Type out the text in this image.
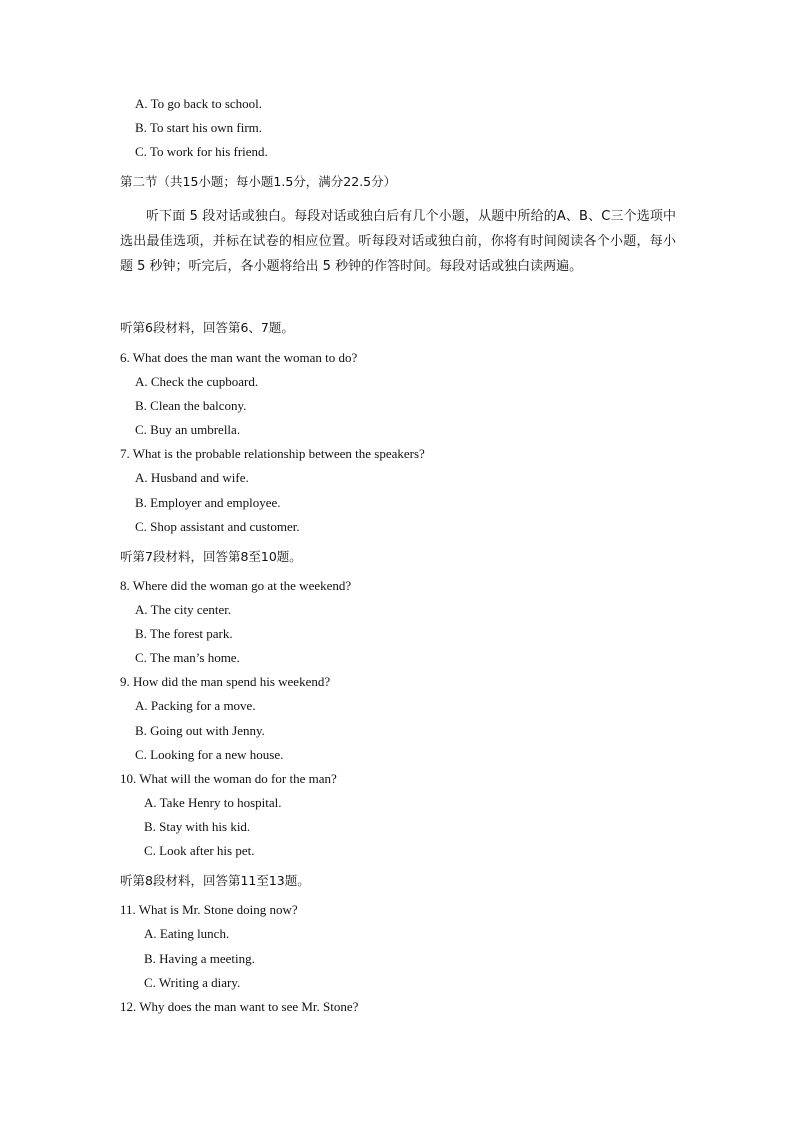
A. To go back to school.
B. To start his own firm.
C. To work for his friend.
第二节（共15小题；每小题1.5分，满分22.5分）
听下面 5 段对话或独白。每段对话或独白后有几个小题，从题中所给的A、B、C三个选项中选出最佳选项，并标在试卷的相应位置。听每段对话或独白前，你将有时间阅读各个小题，每小题 5 秒钟；听完后，各小题将给出 5 秒钟的作答时间。每段对话或独白读两遍。
听第6段材料，回答第6、7题。
6. What does the man want the woman to do?
A. Check the cupboard.
B. Clean the balcony.
C. Buy an umbrella.
7. What is the probable relationship between the speakers?
A. Husband and wife.
B. Employer and employee.
C. Shop assistant and customer.
听第7段材料，回答第8至10题。
8. Where did the woman go at the weekend?
A. The city center.
B. The forest park.
C. The man’s home.
9. How did the man spend his weekend?
A. Packing for a move.
B. Going out with Jenny.
C. Looking for a new house.
10. What will the woman do for the man?
A. Take Henry to hospital.
B. Stay with his kid.
C. Look after his pet.
听第8段材料，回答第11至13题。
11. What is Mr. Stone doing now?
A. Eating lunch.
B. Having a meeting.
C. Writing a diary.
12. Why does the man want to see Mr. Stone?
